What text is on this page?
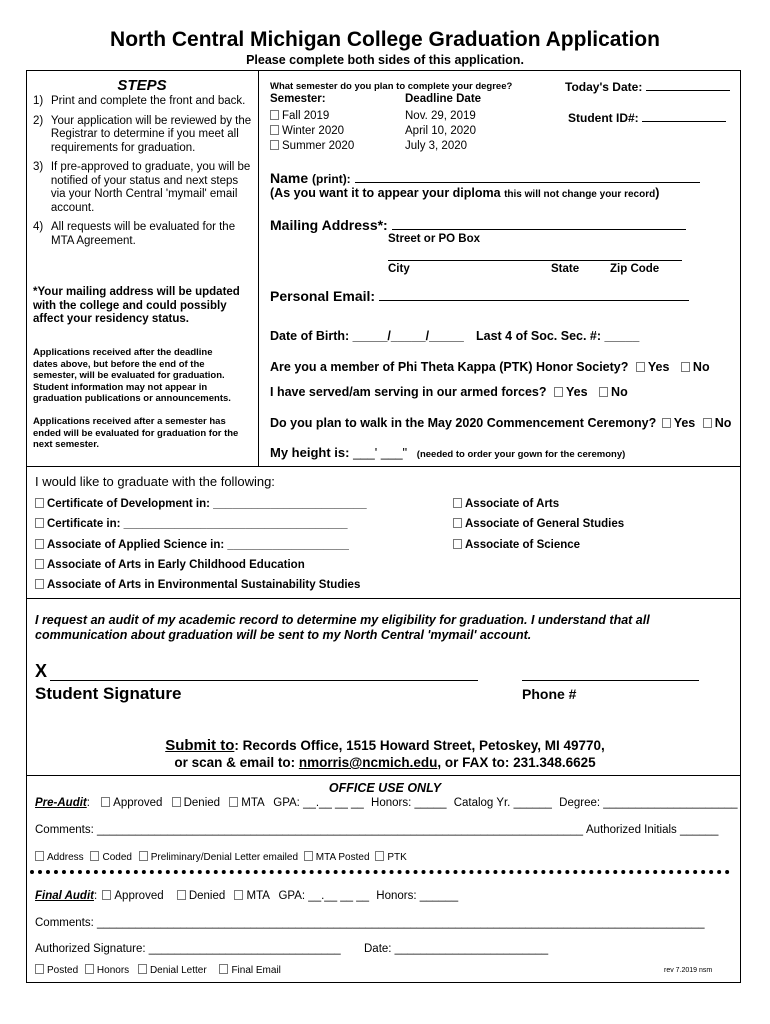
North Central Michigan College Graduation Application
Please complete both sides of this application.
STEPS
1) Print and complete the front and back.
2) Your application will be reviewed by the Registrar to determine if you meet all requirements for graduation.
3) If pre-approved to graduate, you will be notified of your status and next steps via your North Central 'mymail' email account.
4) All requests will be evaluated for the MTA Agreement.
*Your mailing address will be updated with the college and could possibly affect your residency status.
Applications received after the deadline dates above, but before the end of the semester, will be evaluated for graduation. Student information may not appear in graduation publications or announcements.
Applications received after a semester has ended will be evaluated for graduation for the next semester.
What semester do you plan to complete your degree?
Semester:	Deadline Date
Fall 2019	Nov. 29, 2019
Winter 2020	April 10, 2020
Summer 2020	July 3, 2020
Today's Date:
Student ID#:
Name (print):
(As you want it to appear your diploma this will not change your record)
Mailing Address*:
Street or PO Box
City	State	Zip Code
Personal Email:
Date of Birth: _____/_____/_____ Last 4 of Soc. Sec. #: _____
Are you a member of Phi Theta Kappa (PTK) Honor Society? Yes No
I have served/am serving in our armed forces? Yes No
Do you plan to walk in the May 2020 Commencement Ceremony? Yes No
My height is: ___' ___" (needed to order your gown for the ceremony)
I would like to graduate with the following:
Certificate of Development in: ________________________
Certificate in: ___________________________________
Associate of Applied Science in: ___________________
Associate of Arts in Early Childhood Education
Associate of Arts in Environmental Sustainability Studies
Associate of Arts
Associate of General Studies
Associate of Science
I request an audit of my academic record to determine my eligibility for graduation. I understand that all communication about graduation will be sent to my North Central 'mymail' account.
X
Student Signature	Phone #
Submit to: Records Office, 1515 Howard Street, Petoskey, MI 49770,
or scan & email to: nmorris@ncmich.edu, or FAX to: 231.348.6625
OFFICE USE ONLY
Pre-Audit: Approved Denied MTA GPA: __.__ __ __ Honors: _____ Catalog Yr. ______ Degree: _____________________
Comments: ____________________________________________________________________________ Authorized Initials ______
Address Coded Preliminary/Denial Letter emailed MTA Posted PTK
Final Audit: Approved Denied MTA GPA: __.__ __ __ Honors: ______
Comments: _______________________________________________________________________________________________
Authorized Signature: ______________________________ Date: ________________________
Posted Honors Denial Letter Final Email	rev 7.2019 nsm
